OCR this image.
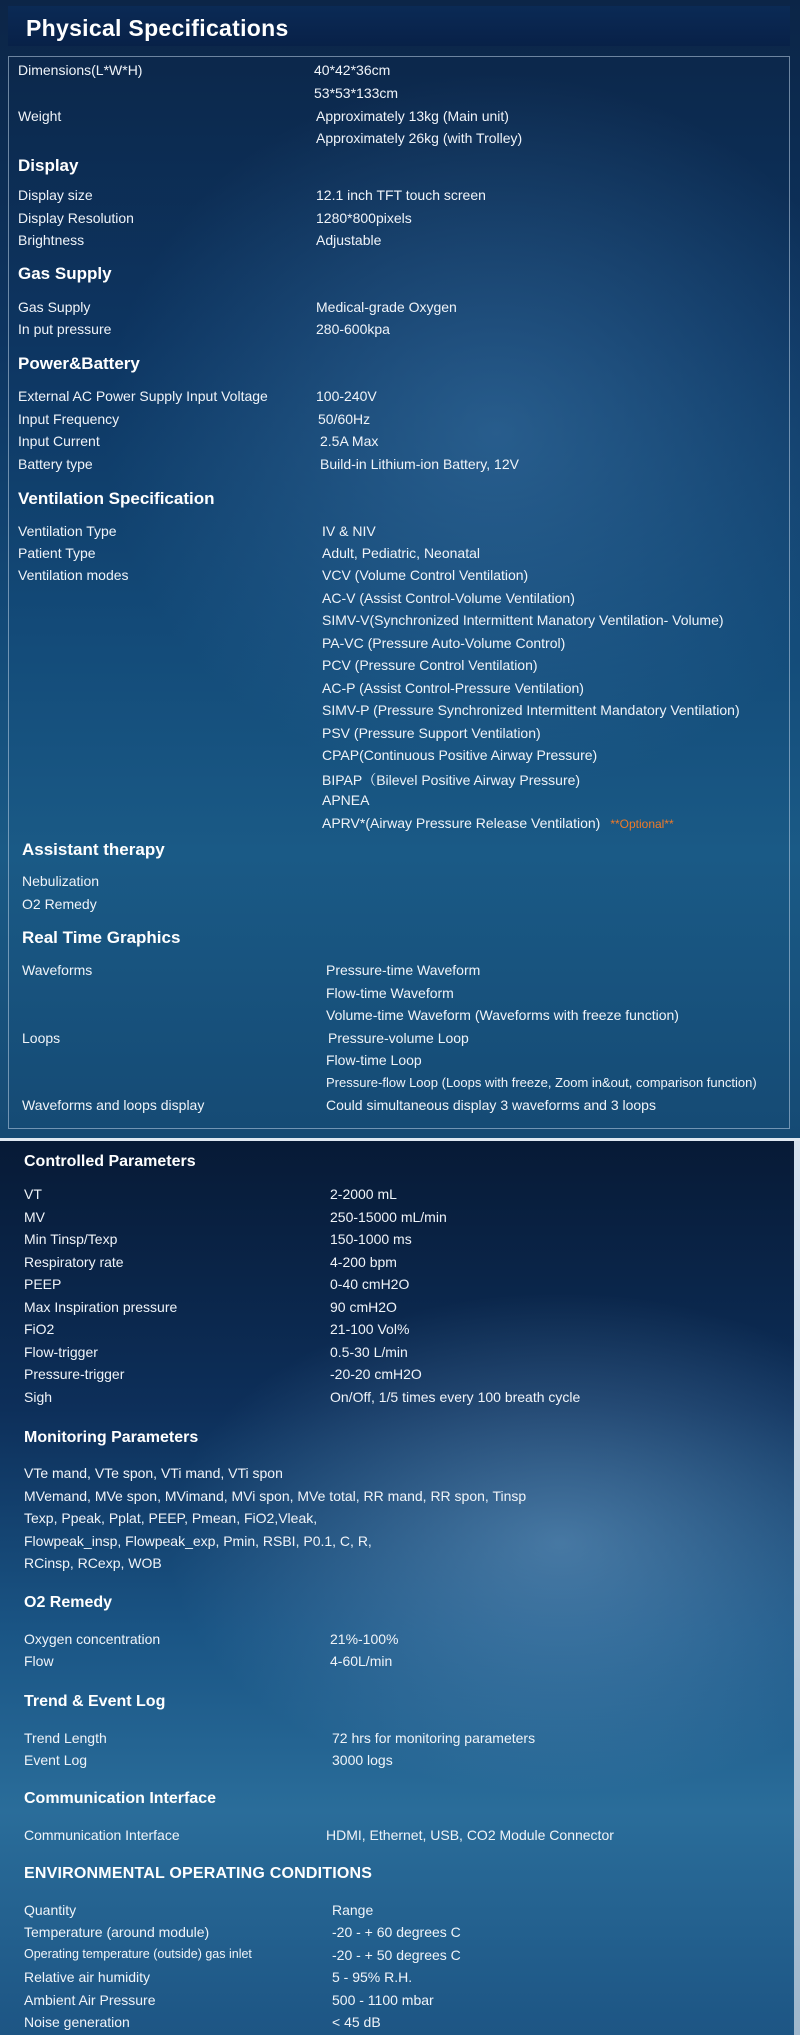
Physical Specifications
Dimensions(L*W*H)	40*42*36cm
53*53*133cm
Weight	Approximately 13kg (Main unit)
Approximately 26kg (with Trolley)
Display
Display size	12.1 inch TFT touch screen
Display Resolution	1280*800pixels
Brightness	Adjustable
Gas Supply
Gas Supply	Medical-grade Oxygen
In put pressure	280-600kpa
Power&Battery
External AC Power Supply Input Voltage	100-240V
Input Frequency	50/60Hz
Input Current	2.5A Max
Battery type	Build-in Lithium-ion Battery, 12V
Ventilation Specification
Ventilation Type	IV & NIV
Patient Type	Adult, Pediatric, Neonatal
Ventilation modes	VCV (Volume Control Ventilation)
AC-V (Assist Control-Volume Ventilation)
SIMV-V(Synchronized Intermittent Manatory Ventilation- Volume)
PA-VC (Pressure Auto-Volume Control)
PCV (Pressure Control Ventilation)
AC-P (Assist Control-Pressure Ventilation)
SIMV-P (Pressure Synchronized Intermittent Mandatory Ventilation)
PSV (Pressure Support Ventilation)
CPAP(Continuous Positive Airway Pressure)
BIPAP（Bilevel Positive Airway Pressure)
APNEA
APRV*(Airway Pressure Release Ventilation) **Optional**
Assistant therapy
Nebulization
O2 Remedy
Real Time Graphics
Waveforms	Pressure-time Waveform
Flow-time Waveform
Volume-time Waveform (Waveforms with freeze function)
Loops	Pressure-volume Loop
Flow-time Loop
Pressure-flow Loop (Loops with freeze, Zoom in&out, comparison function)
Waveforms and loops display	Could simultaneous display 3 waveforms and 3 loops
Controlled Parameters
VT	2-2000 mL
MV	250-15000 mL/min
Min Tinsp/Texp	150-1000 ms
Respiratory rate	4-200 bpm
PEEP	0-40 cmH2O
Max Inspiration pressure	90 cmH2O
FiO2	21-100 Vol%
Flow-trigger	0.5-30 L/min
Pressure-trigger	-20-20 cmH2O
Sigh	On/Off, 1/5 times every 100 breath cycle
Monitoring Parameters
VTe mand, VTe spon, VTi mand, VTi spon
MVemand, MVe spon, MVimand, MVi spon, MVe total, RR mand, RR spon, Tinsp
Texp, Ppeak, Pplat, PEEP, Pmean, FiO2,Vleak,
Flowpeak_insp, Flowpeak_exp, Pmin, RSBI, P0.1, C, R,
RCinsp, RCexp, WOB
O2 Remedy
Oxygen concentration	21%-100%
Flow	4-60L/min
Trend & Event Log
Trend Length	72 hrs for monitoring parameters
Event Log	3000 logs
Communication Interface
Communication Interface	HDMI, Ethernet, USB, CO2 Module Connector
ENVIRONMENTAL OPERATING CONDITIONS
Quantity	Range
Temperature (around module)	-20 - + 60 degrees C
Operating temperature (outside) gas inlet	-20 - + 50 degrees C
Relative air humidity	5 - 95% R.H.
Ambient Air Pressure	500 - 1100 mbar
Noise generation	< 45 dB
